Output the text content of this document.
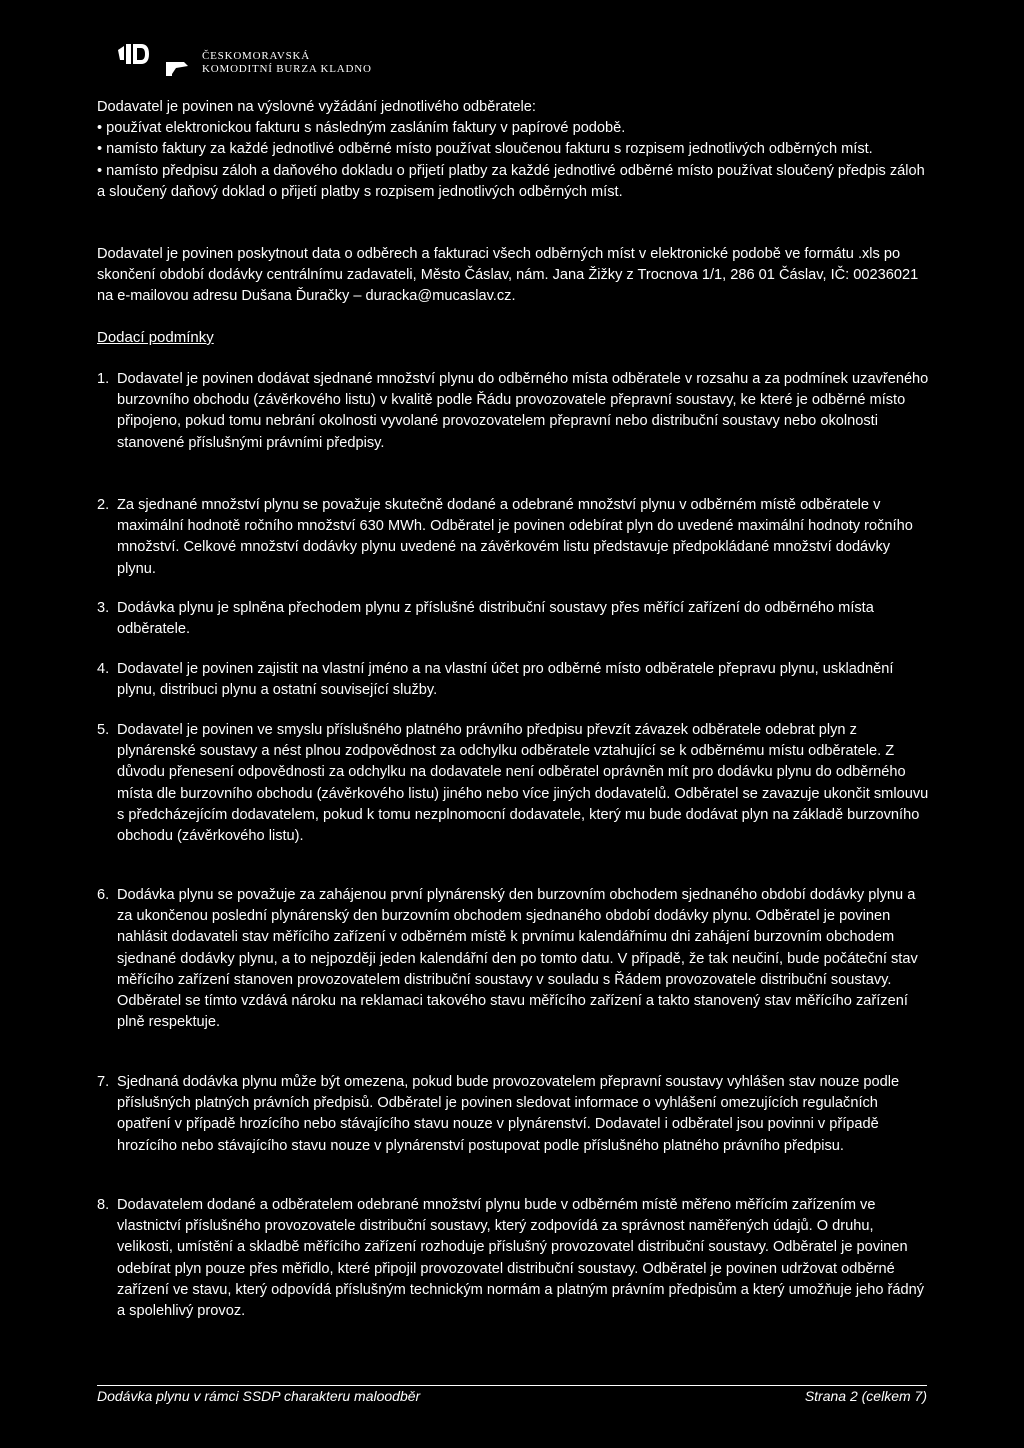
ČESKOMORAVSKÁ
KOMODITNÍ BURZA KLADNO

Dodavatel je povinen na výslovné vyžádání jednotlivého odběratele:

• používat elektronickou fakturu s následným zasláním faktury v papírové podobě.

• namísto faktury za každé jednotlivé odběrné místo používat sloučenou fakturu s rozpisem jednotlivých odběrných míst.

• namísto předpisu záloh a daňového dokladu o přijetí platby za každé jednotlivé odběrné místo používat sloučený předpis záloh a sloučený daňový doklad o přijetí platby s rozpisem jednotlivých odběrných míst.

Dodavatel je povinen poskytnout data o odběrech a fakturaci všech odběrných míst v elektronické podobě ve formátu .xls po skončení období dodávky centrálnímu zadavateli, Město Čáslav, nám. Jana Žižky z Trocnova 1/1, 286 01 Čáslav, IČ: 00236021 na e-mailovou adresu Dušana Ďuračky – duracka@mucaslav.cz.

Dodací podmínky
1. Dodavatel je povinen dodávat sjednané množství plynu do odběrného místa odběratele v rozsahu a za podmínek uzavřeného burzovního obchodu (závěrkového listu) v kvalitě podle Řádu provozovatele přepravní soustavy, ke které je odběrné místo připojeno, pokud tomu nebrání okolnosti vyvolané provozovatelem přepravní nebo distribuční soustavy nebo okolnosti stanovené příslušnými právními předpisy.
2. Za sjednané množství plynu se považuje skutečně dodané a odebrané množství plynu v odběrném místě odběratele v maximální hodnotě ročního množství 630 MWh. Odběratel je povinen odebírat plyn do uvedené maximální hodnoty ročního množství. Celkové množství dodávky plynu uvedené na závěrkovém listu představuje předpokládané množství dodávky plynu.
3. Dodávka plynu je splněna přechodem plynu z příslušné distribuční soustavy přes měřící zařízení do odběrného místa odběratele.
4. Dodavatel je povinen zajistit na vlastní jméno a na vlastní účet pro odběrné místo odběratele přepravu plynu, uskladnění plynu, distribuci plynu a ostatní související služby.
5. Dodavatel je povinen ve smyslu příslušného platného právního předpisu převzít závazek odběratele odebrat plyn z plynárenské soustavy a nést plnou zodpovědnost za odchylku odběratele vztahující se k odběrnému místu odběratele. Z důvodu přenesení odpovědnosti za odchylku na dodavatele není odběratel oprávněn mít pro dodávku plynu do odběrného místa dle burzovního obchodu (závěrkového listu) jiného nebo více jiných dodavatelů. Odběratel se zavazuje ukončit smlouvu s předcházejícím dodavatelem, pokud k tomu nezplnomocní dodavatele, který mu bude dodávat plyn na základě burzovního obchodu (závěrkového listu).
6. Dodávka plynu se považuje za zahájenou první plynárenský den burzovním obchodem sjednaného období dodávky plynu a za ukončenou poslední plynárenský den burzovním obchodem sjednaného období dodávky plynu. Odběratel je povinen nahlásit dodavateli stav měřícího zařízení v odběrném místě k prvnímu kalendářnímu dni zahájení burzovním obchodem sjednané dodávky plynu, a to nejpozději jeden kalendářní den po tomto datu. V případě, že tak neučiní, bude počáteční stav měřícího zařízení stanoven provozovatelem distribuční soustavy v souladu s Řádem provozovatele distribuční soustavy. Odběratel se tímto vzdává nároku na reklamaci takového stavu měřícího zařízení a takto stanovený stav měřícího zařízení plně respektuje.
7. Sjednaná dodávka plynu může být omezena, pokud bude provozovatelem přepravní soustavy vyhlášen stav nouze podle příslušných platných právních předpisů. Odběratel je povinen sledovat informace o vyhlášení omezujících regulačních opatření v případě hrozícího nebo stávajícího stavu nouze v plynárenství. Dodavatel i odběratel jsou povinni v případě hrozícího nebo stávajícího stavu nouze v plynárenství postupovat podle příslušného platného právního předpisu.
8. Dodavatelem dodané a odběratelem odebrané množství plynu bude v odběrném místě měřeno měřícím zařízením ve vlastnictví příslušného provozovatele distribuční soustavy, který zodpovídá za správnost naměřených údajů. O druhu, velikosti, umístění a skladbě měřícího zařízení rozhoduje příslušný provozovatel distribuční soustavy. Odběratel je povinen odebírat plyn pouze přes měřidlo, které připojil provozovatel distribuční soustavy. Odběratel je povinen udržovat odběrné zařízení ve stavu, který odpovídá příslušným technickým normám a platným právním předpisům a který umožňuje jeho řádný a spolehlivý provoz.
Dodávka plynu v rámci SSDP charakteru maloodběr	Strana 2 (celkem 7)
